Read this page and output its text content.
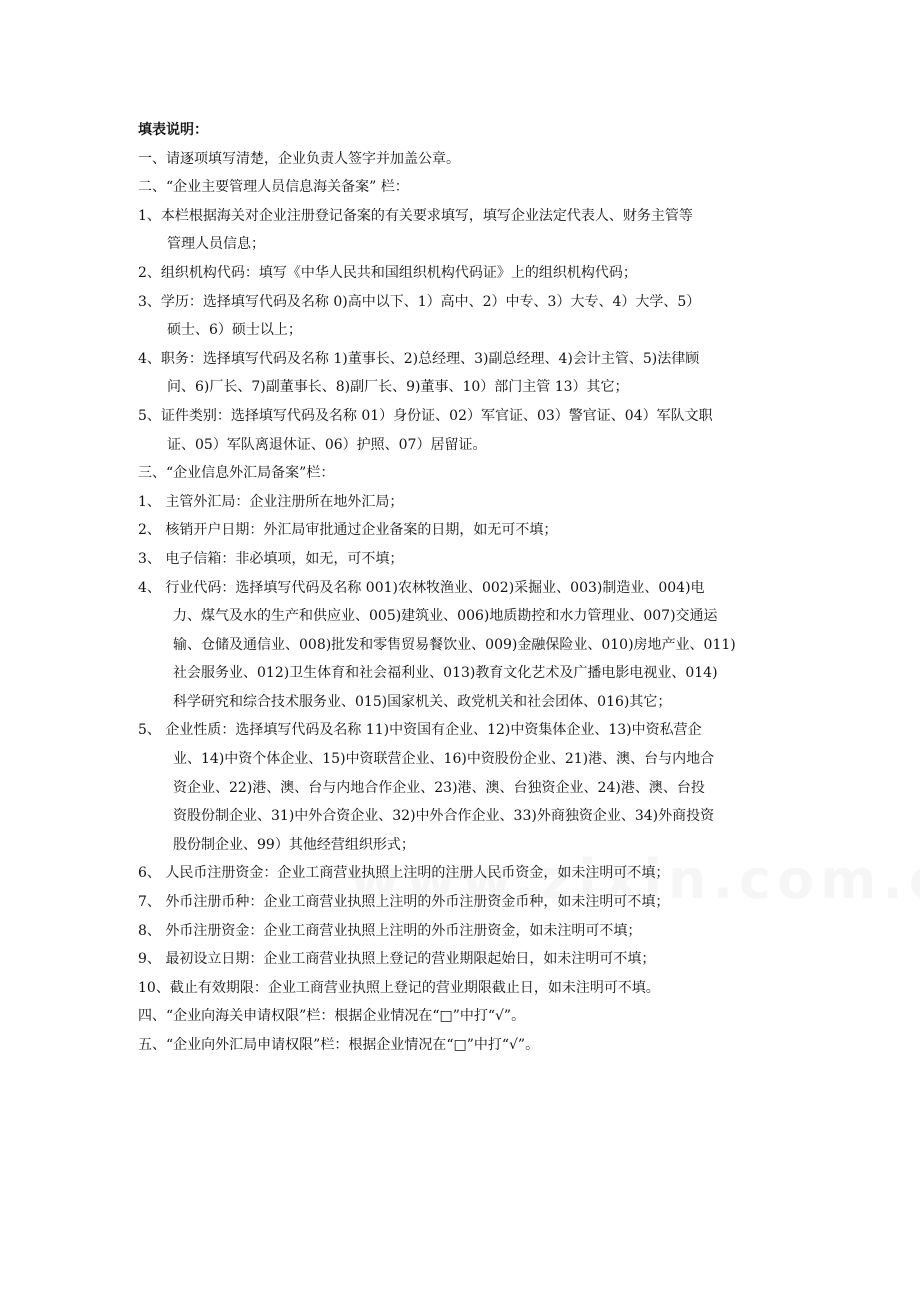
填表说明：
一、请逐项填写清楚，企业负责人签字并加盖公章。
二、“企业主要管理人员信息海关备案” 栏：
1、本栏根据海关对企业注册登记备案的有关要求填写，填写企业法定代表人、财务主管等
管理人员信息；
2、组织机构代码：填写《中华人民共和国组织机构代码证》上的组织机构代码；
3、学历：选择填写代码及名称 0)高中以下、1）高中、2）中专、3）大专、4）大学、5）
硕士、6）硕士以上；
4、职务：选择填写代码及名称 1)董事长、2)总经理、3)副总经理、4)会计主管、5)法律顾
问、6)厂长、7)副董事长、8)副厂长、9)董事、10）部门主管 13）其它；
5、证件类别：选择填写代码及名称 01）身份证、02）军官证、03）警官证、04）军队文职
证、05）军队离退休证、06）护照、07）居留证。
三、“企业信息外汇局备案”栏：
1、 主管外汇局：企业注册所在地外汇局；
2、 核销开户日期：外汇局审批通过企业备案的日期，如无可不填；
3、 电子信箱：非必填项，如无，可不填；
4、 行业代码：选择填写代码及名称 001)农林牧渔业、002)采掘业、003)制造业、004)电
力、煤气及水的生产和供应业、005)建筑业、006)地质勘控和水力管理业、007)交通运
输、仓储及通信业、008)批发和零售贸易餐饮业、009)金融保险业、010)房地产业、011)
社会服务业、012)卫生体育和社会福利业、013)教育文化艺术及广播电影电视业、014)
科学研究和综合技术服务业、015)国家机关、政党机关和社会团体、016)其它；
5、 企业性质：选择填写代码及名称 11)中资国有企业、12)中资集体企业、13)中资私营企
业、14)中资个体企业、15)中资联营企业、16)中资股份企业、21)港、澳、台与内地合
资企业、22)港、澳、台与内地合作企业、23)港、澳、台独资企业、24)港、澳、台投
资股份制企业、31)中外合资企业、32)中外合作企业、33)外商独资企业、34)外商投资
股份制企业、99）其他经营组织形式；
6、 人民币注册资金：企业工商营业执照上注明的注册人民币资金，如未注明可不填；
7、 外币注册币种：企业工商营业执照上注明的外币注册资金币种，如未注明可不填；
8、 外币注册资金：企业工商营业执照上注明的外币注册资金，如未注明可不填；
9、 最初设立日期：企业工商营业执照上登记的营业期限起始日，如未注明可不填；
10、截止有效期限：企业工商营业执照上登记的营业期限截止日，如未注明可不填。
四、“企业向海关申请权限”栏：根据企业情况在“□”中打“√”。
五、“企业向外汇局申请权限”栏：根据企业情况在“□”中打“√”。
